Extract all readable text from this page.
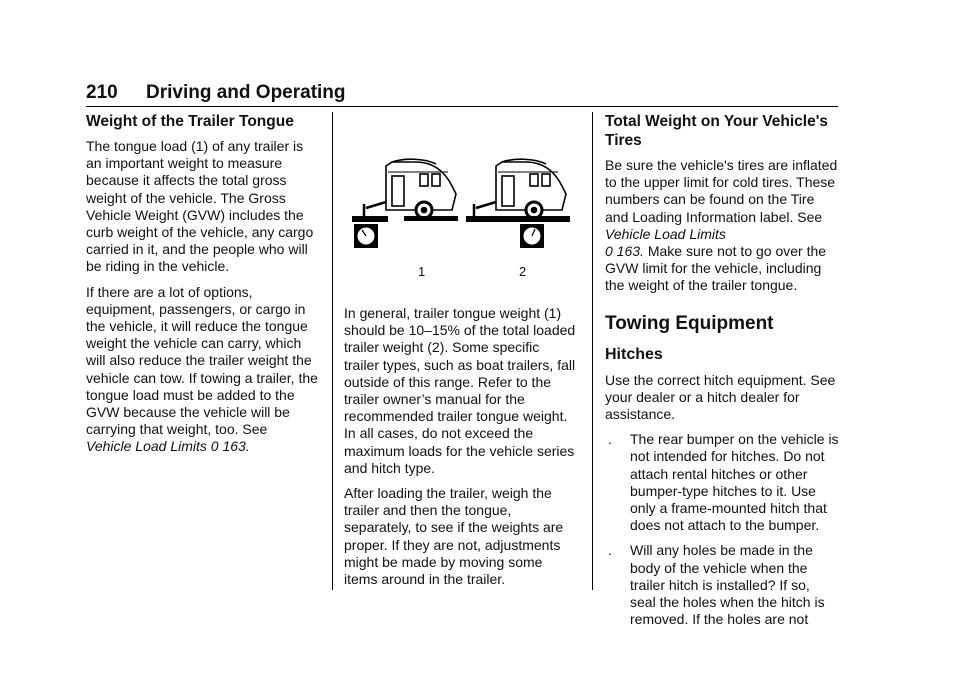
210 Driving and Operating
Weight of the Trailer Tongue

The tongue load (1) of any trailer is an important weight to measure because it affects the total gross weight of the vehicle. The Gross Vehicle Weight (GVW) includes the curb weight of the vehicle, any cargo carried in it, and the people who will be riding in the vehicle.

If there are a lot of options, equipment, passengers, or cargo in the vehicle, it will reduce the tongue weight the vehicle can carry, which will also reduce the trailer weight the vehicle can tow. If towing a trailer, the tongue load must be added to the GVW because the vehicle will be carrying that weight, too. See
Vehicle Load Limits 0 163.

1	2

In general, trailer tongue weight (1) should be 10–15% of the total loaded trailer weight (2). Some specific trailer types, such as boat trailers, fall outside of this range. Refer to the trailer owner’s manual for the recommended trailer tongue weight. In all cases, do not exceed the maximum loads for the vehicle series and hitch type.

After loading the trailer, weigh the trailer and then the tongue, separately, to see if the weights are proper. If they are not, adjustments might be made by moving some items around in the trailer.

Total Weight on Your Vehicle's Tires

Be sure the vehicle's tires are inflated to the upper limit for cold tires. These numbers can be found on the Tire and Loading Information label. See Vehicle Load Limits
0 163. Make sure not to go over the GVW limit for the vehicle, including the weight of the trailer tongue.

Towing Equipment
Hitches

Use the correct hitch equipment. See your dealer or a hitch dealer for assistance.

.	The rear bumper on the vehicle is not intended for hitches. Do not attach rental hitches or other bumper-type hitches to it. Use only a frame-mounted hitch that does not attach to the bumper.
.	Will any holes be made in the body of the vehicle when the trailer hitch is installed? If so, seal the holes when the hitch is removed. If the holes are not
